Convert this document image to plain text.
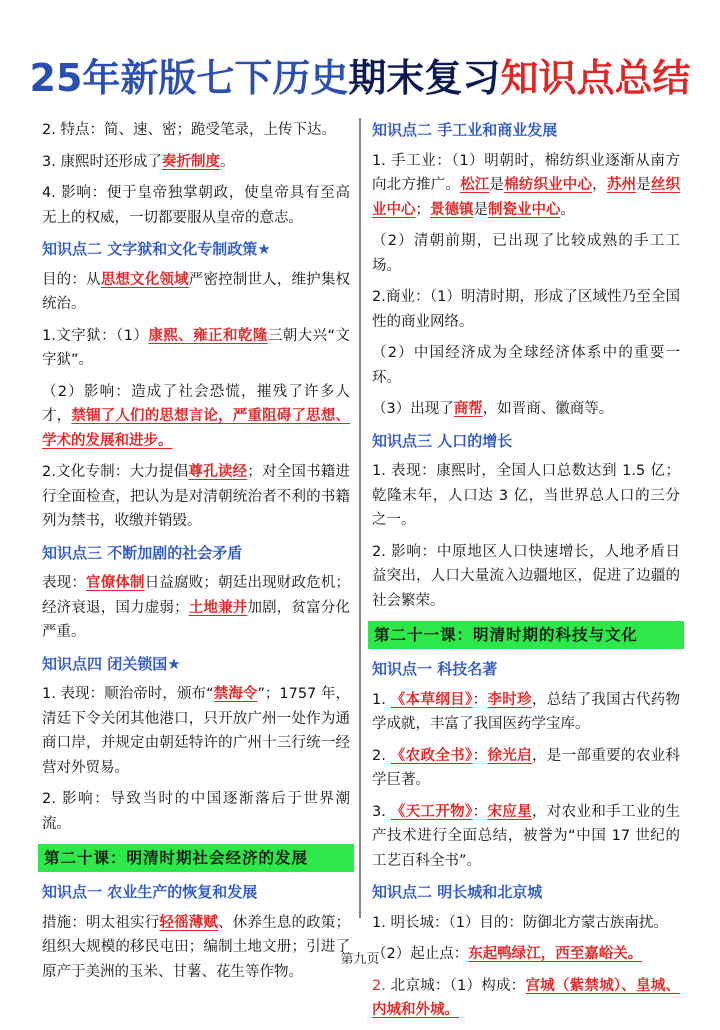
25年新版七下历史期末复习知识点总结

2. 特点：简、速、密；跪受笔录，上传下达。

3. 康熙时还形成了奏折制度。

4. 影响：便于皇帝独掌朝政，使皇帝具有至高无上的权威，一切都要服从皇帝的意志。

知识点二 文字狱和文化专制政策★

目的：从思想文化领域严密控制世人，维护集权统治。

1.文字狱：（1）康熙、雍正和乾隆三朝大兴“文字狱”。

（2）影响：造成了社会恐慌，摧残了许多人才，禁锢了人们的思想言论，严重阻碍了思想、学术的发展和进步。

2.文化专制：大力提倡尊孔读经；对全国书籍进行全面检查，把认为是对清朝统治者不利的书籍列为禁书，收缴并销毁。

知识点三 不断加剧的社会矛盾

表现：官僚体制日益腐败；朝廷出现财政危机；经济衰退，国力虚弱；土地兼并加剧，贫富分化严重。

知识点四 闭关锁国★

1. 表现：顺治帝时，颁布“禁海令”；1757 年，清廷下令关闭其他港口，只开放广州一处作为通商口岸，并规定由朝廷特许的广州十三行统一经营对外贸易。

2. 影响：导致当时的中国逐渐落后于世界潮流。

第二十课：明清时期社会经济的发展

知识点一 农业生产的恢复和发展

措施：明太祖实行轻徭薄赋、休养生息的政策；组织大规模的移民屯田；编制土地文册；引进了原产于美洲的玉米、甘薯、花生等作物。

知识点二 手工业和商业发展

1. 手工业：（1）明朝时，棉纺织业逐渐从南方向北方推广。松江是棉纺织业中心，苏州是丝织业中心；景德镇是制瓷业中心。

（2）清朝前期，已出现了比较成熟的手工工场。

2.商业：（1）明清时期，形成了区域性乃至全国性的商业网络。

（2）中国经济成为全球经济体系中的重要一环。

（3）出现了商帮，如晋商、徽商等。

知识点三 人口的增长

1. 表现：康熙时，全国人口总数达到 1.5 亿；乾隆末年，人口达 3 亿，当世界总人口的三分之一。

2. 影响：中原地区人口快速增长，人地矛盾日益突出，人口大量流入边疆地区，促进了边疆的社会繁荣。

第二十一课：明清时期的科技与文化

知识点一 科技名著

1. 《本草纲目》：李时珍，总结了我国古代药物学成就，丰富了我国医药学宝库。

2. 《农政全书》：徐光启，是一部重要的农业科学巨著。

3. 《天工开物》：宋应星，对农业和手工业的生产技术进行全面总结，被誉为“中国 17 世纪的工艺百科全书”。

知识点二 明长城和北京城

1. 明长城：（1）目的：防御北方蒙古族南扰。

（2）起止点：东起鸭绿江，西至嘉峪关。

2. 北京城：（1）构成：宫城（紫禁城）、皇城、内城和外城。

第九页
